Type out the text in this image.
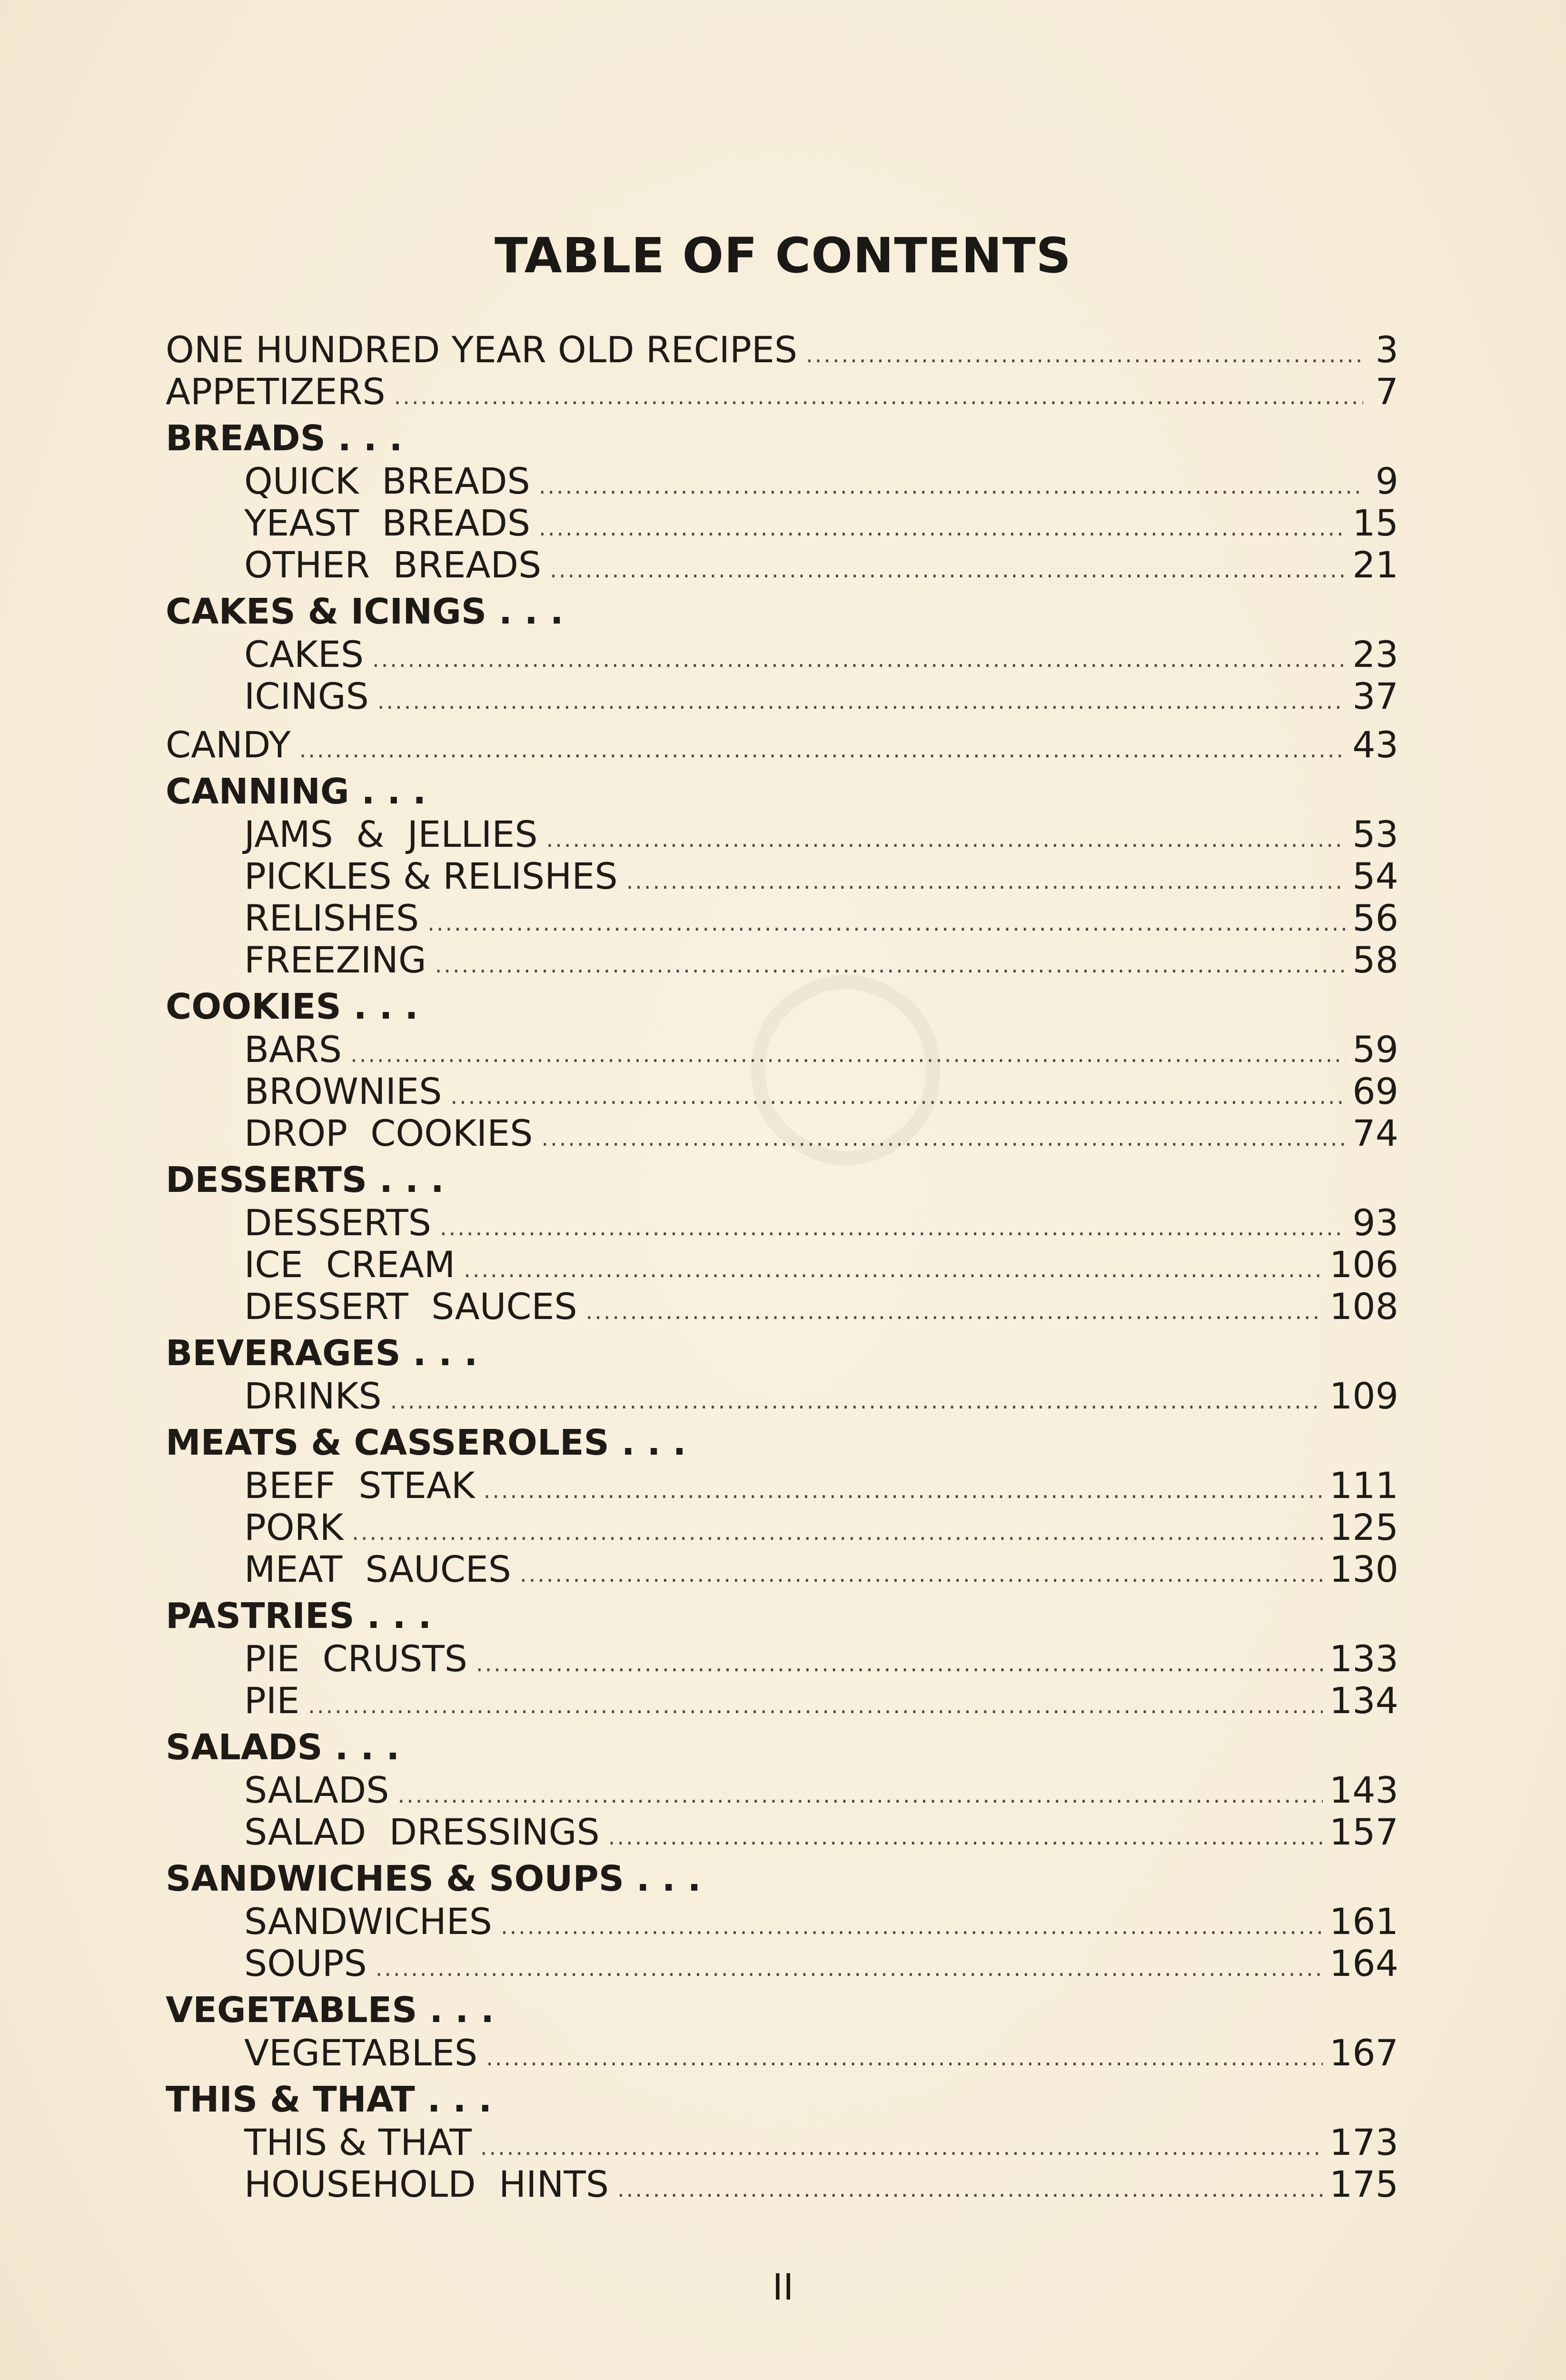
○
TABLE OF CONTENTS
ONE HUNDRED YEAR OLD RECIPES .....	3
APPETIZERS .....	7
BREADS . . .
QUICK  BREADS .....	9
YEAST  BREADS .....	15
OTHER  BREADS .....	21
CAKES & ICINGS . . .
CAKES .....	23
ICINGS .....	37
CANDY .....	43
CANNING . . .
JAMS  &  JELLIES .....	53
PICKLES & RELISHES .....	54
RELISHES .....	56
FREEZING .....	58
COOKIES . . .
BARS .....	59
BROWNIES .....	69
DROP  COOKIES .....	74
DESSERTS . . .
DESSERTS .....	93
ICE  CREAM .....	106
DESSERT  SAUCES .....	108
BEVERAGES . . .
DRINKS .....	109
MEATS & CASSEROLES . . .
BEEF  STEAK .....	111
PORK .....	125
MEAT  SAUCES .....	130
PASTRIES . . .
PIE  CRUSTS .....	133
PIE .....	134
SALADS . . .
SALADS .....	143
SALAD  DRESSINGS .....	157
SANDWICHES & SOUPS . . .
SANDWICHES .....	161
SOUPS .....	164
VEGETABLES . . .
VEGETABLES .....	167
THIS & THAT . . .
THIS & THAT .....	173
HOUSEHOLD  HINTS .....	175
II
